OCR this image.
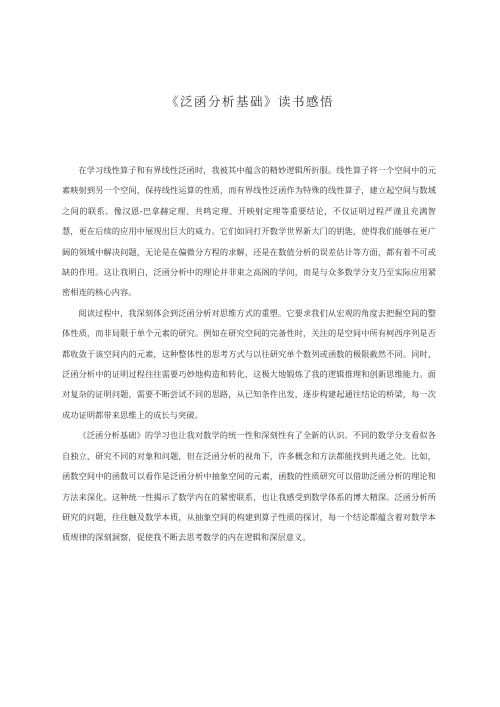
《泛函分析基础》读书感悟

在学习线性算子和有界线性泛函时，我被其中蕴含的精妙逻辑所折服。线性算子将一个空间中的元素映射到另一个空间，保持线性运算的性质，而有界线性泛函作为特殊的线性算子，建立起空间与数域之间的联系。像汉恩-巴拿赫定理、共鸣定理、开映射定理等重要结论，不仅证明过程严谨且充满智慧，更在后续的应用中展现出巨大的威力。它们如同打开数学世界新大门的钥匙，使得我们能够在更广阔的领域中解决问题，无论是在偏微分方程的求解，还是在数值分析的误差估计等方面，都有着不可或缺的作用。这让我明白，泛函分析中的理论并非束之高阁的学问，而是与众多数学分支乃至实际应用紧密相连的核心内容。

阅读过程中，我深刻体会到泛函分析对思维方式的重塑。它要求我们从宏观的角度去把握空间的整体性质，而非局限于单个元素的研究。例如在研究空间的完备性时，关注的是空间中所有柯西序列是否都收敛于该空间内的元素，这种整体性的思考方式与以往研究单个数列或函数的极限截然不同。同时，泛函分析中的证明过程往往需要巧妙地构造和转化，这极大地锻炼了我的逻辑推理和创新思维能力。面对复杂的证明问题，需要不断尝试不同的思路，从已知条件出发，逐步构建起通往结论的桥梁，每一次成功证明都带来思维上的成长与突破。

《泛函分析基础》的学习也让我对数学的统一性和深刻性有了全新的认识。不同的数学分支看似各自独立，研究不同的对象和问题，但在泛函分析的视角下，许多概念和方法都能找到共通之处。比如，函数空间中的函数可以看作是泛函分析中抽象空间的元素，函数的性质研究可以借助泛函分析的理论和方法来深化。这种统一性揭示了数学内在的紧密联系，也让我感受到数学体系的博大精深。泛函分析所研究的问题，往往触及数学本质，从抽象空间的构建到算子性质的探讨，每一个结论都蕴含着对数学本质规律的深刻洞察，促使我不断去思考数学的内在逻辑和深层意义。
